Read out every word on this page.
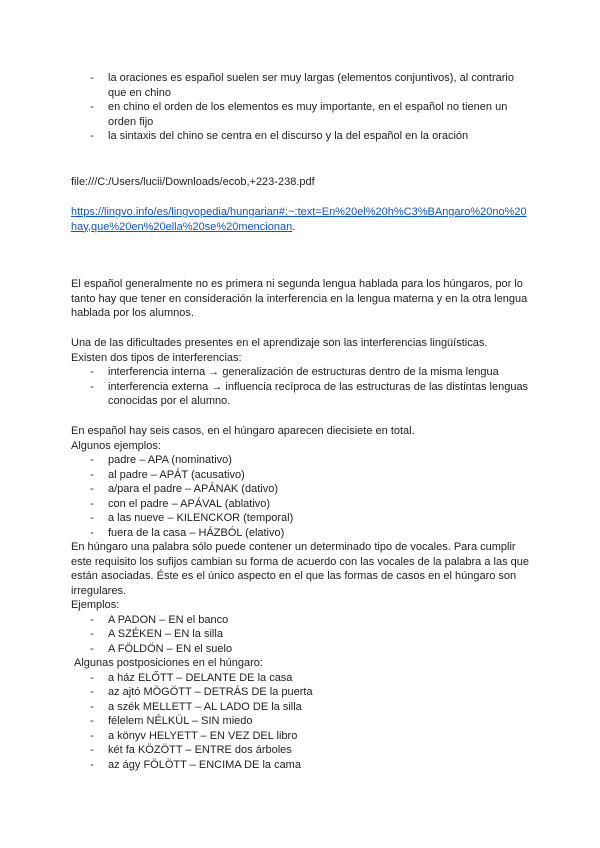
- la oraciones es español suelen ser muy largas (elementos conjuntivos), al contrario que en chino
- en chino el orden de los elementos es muy importante, en el español no tienen un orden fijo
- la sintaxis del chino se centra en el discurso y la del español en la oración

file:///C:/Users/lucii/Downloads/ecob,+223-238.pdf

https://lingvo.info/es/lingvopedia/hungarian#:~:text=En%20el%20h%C3%BAngaro%20no%20hay,que%20en%20ella%20se%20mencionan.

El español generalmente no es primera ni segunda lengua hablada para los húngaros, por lo tanto hay que tener en consideración la interferencia en la lengua materna y en la otra lengua hablada por los alumnos.

Una de las dificultades presentes en el aprendizaje son las interferencias lingüísticas.

Existen dos tipos de interferencias:

- interferencia interna → generalización de estructuras dentro de la misma lengua
- interferencia externa → influencia recíproca de las estructuras de las distintas lenguas conocidas por el alumno.

En español hay seis casos, en el húngaro aparecen diecisiete en total.

Algunos ejemplos:

- padre – APA (nominativo)
- al padre – APÁT (acusativo)
- a/para el padre – APÁNAK (dativo)
- con el padre – APÁVAL (ablativo)
- a las nueve – KILENCKOR (temporal)
- fuera de la casa – HÁZBÓL (elativo)

En húngaro una palabra sólo puede contener un determinado tipo de vocales. Para cumplir este requisito los sufijos cambian su forma de acuerdo con las vocales de la palabra a las que están asociadas. Éste es el único aspecto en el que las formas de casos en el húngaro son irregulares.

Ejemplos:

- A PADON – EN el banco
- A SZÉKEN – EN la silla
- A FÖLDÖN – EN el suelo

Algunas postposiciones en el húngaro:

- a ház ELŐTT – DELANTE DE la casa
- az ajtó MÖGÖTT – DETRÁS DE la puerta
- a szék MELLETT – AL LADO DE la silla
- félelem NÉLKÜL – SIN miedo
- a könyv HELYETT – EN VEZ DEL libro
- két fa KÖZÖTT – ENTRE dos árboles
- az ágy FÖLÖTT – ENCIMA DE la cama
